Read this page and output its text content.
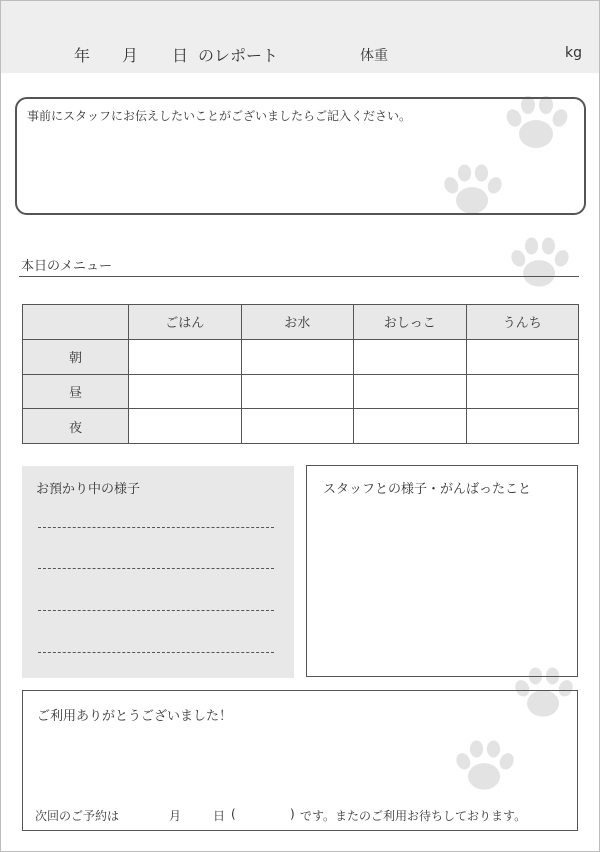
年 月 日 のレポート	体重	kg
事前にスタッフにお伝えしたいことがございましたらご記入ください。
本日のメニュー
	ごはん	お水	おしっこ	うんち
朝				
昼				
夜				
お預かり中の様子	スタッフとの様子・がんばったこと
ご利用ありがとうございました！
次回のご予約は	月	日 (	) です。またのご利用お待ちしております。
